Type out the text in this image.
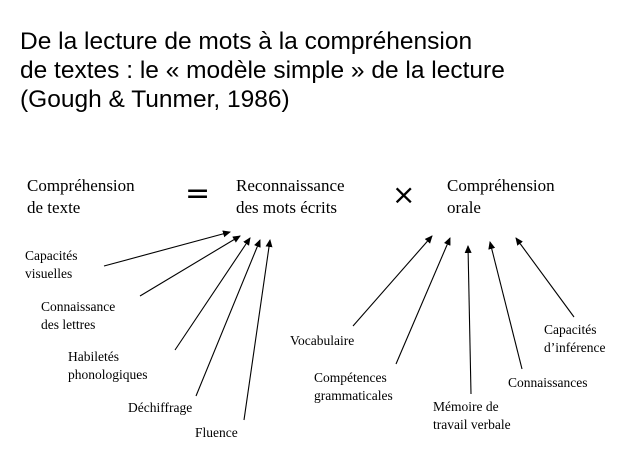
De la lecture de mots à la compréhension
de textes : le « modèle simple » de la lecture
(Gough & Tunmer, 1986)
Compréhension
de texte	= Reconnaissance
des mots écrits × Compréhension
orale
Capacités
visuelles
Connaissance
des lettres
Habiletés
phonologiques
Déchiffrage
Fluence
Vocabulaire
Compétences
grammaticales
Mémoire de
travail verbale
Connaissances
Capacités
d’inférence
